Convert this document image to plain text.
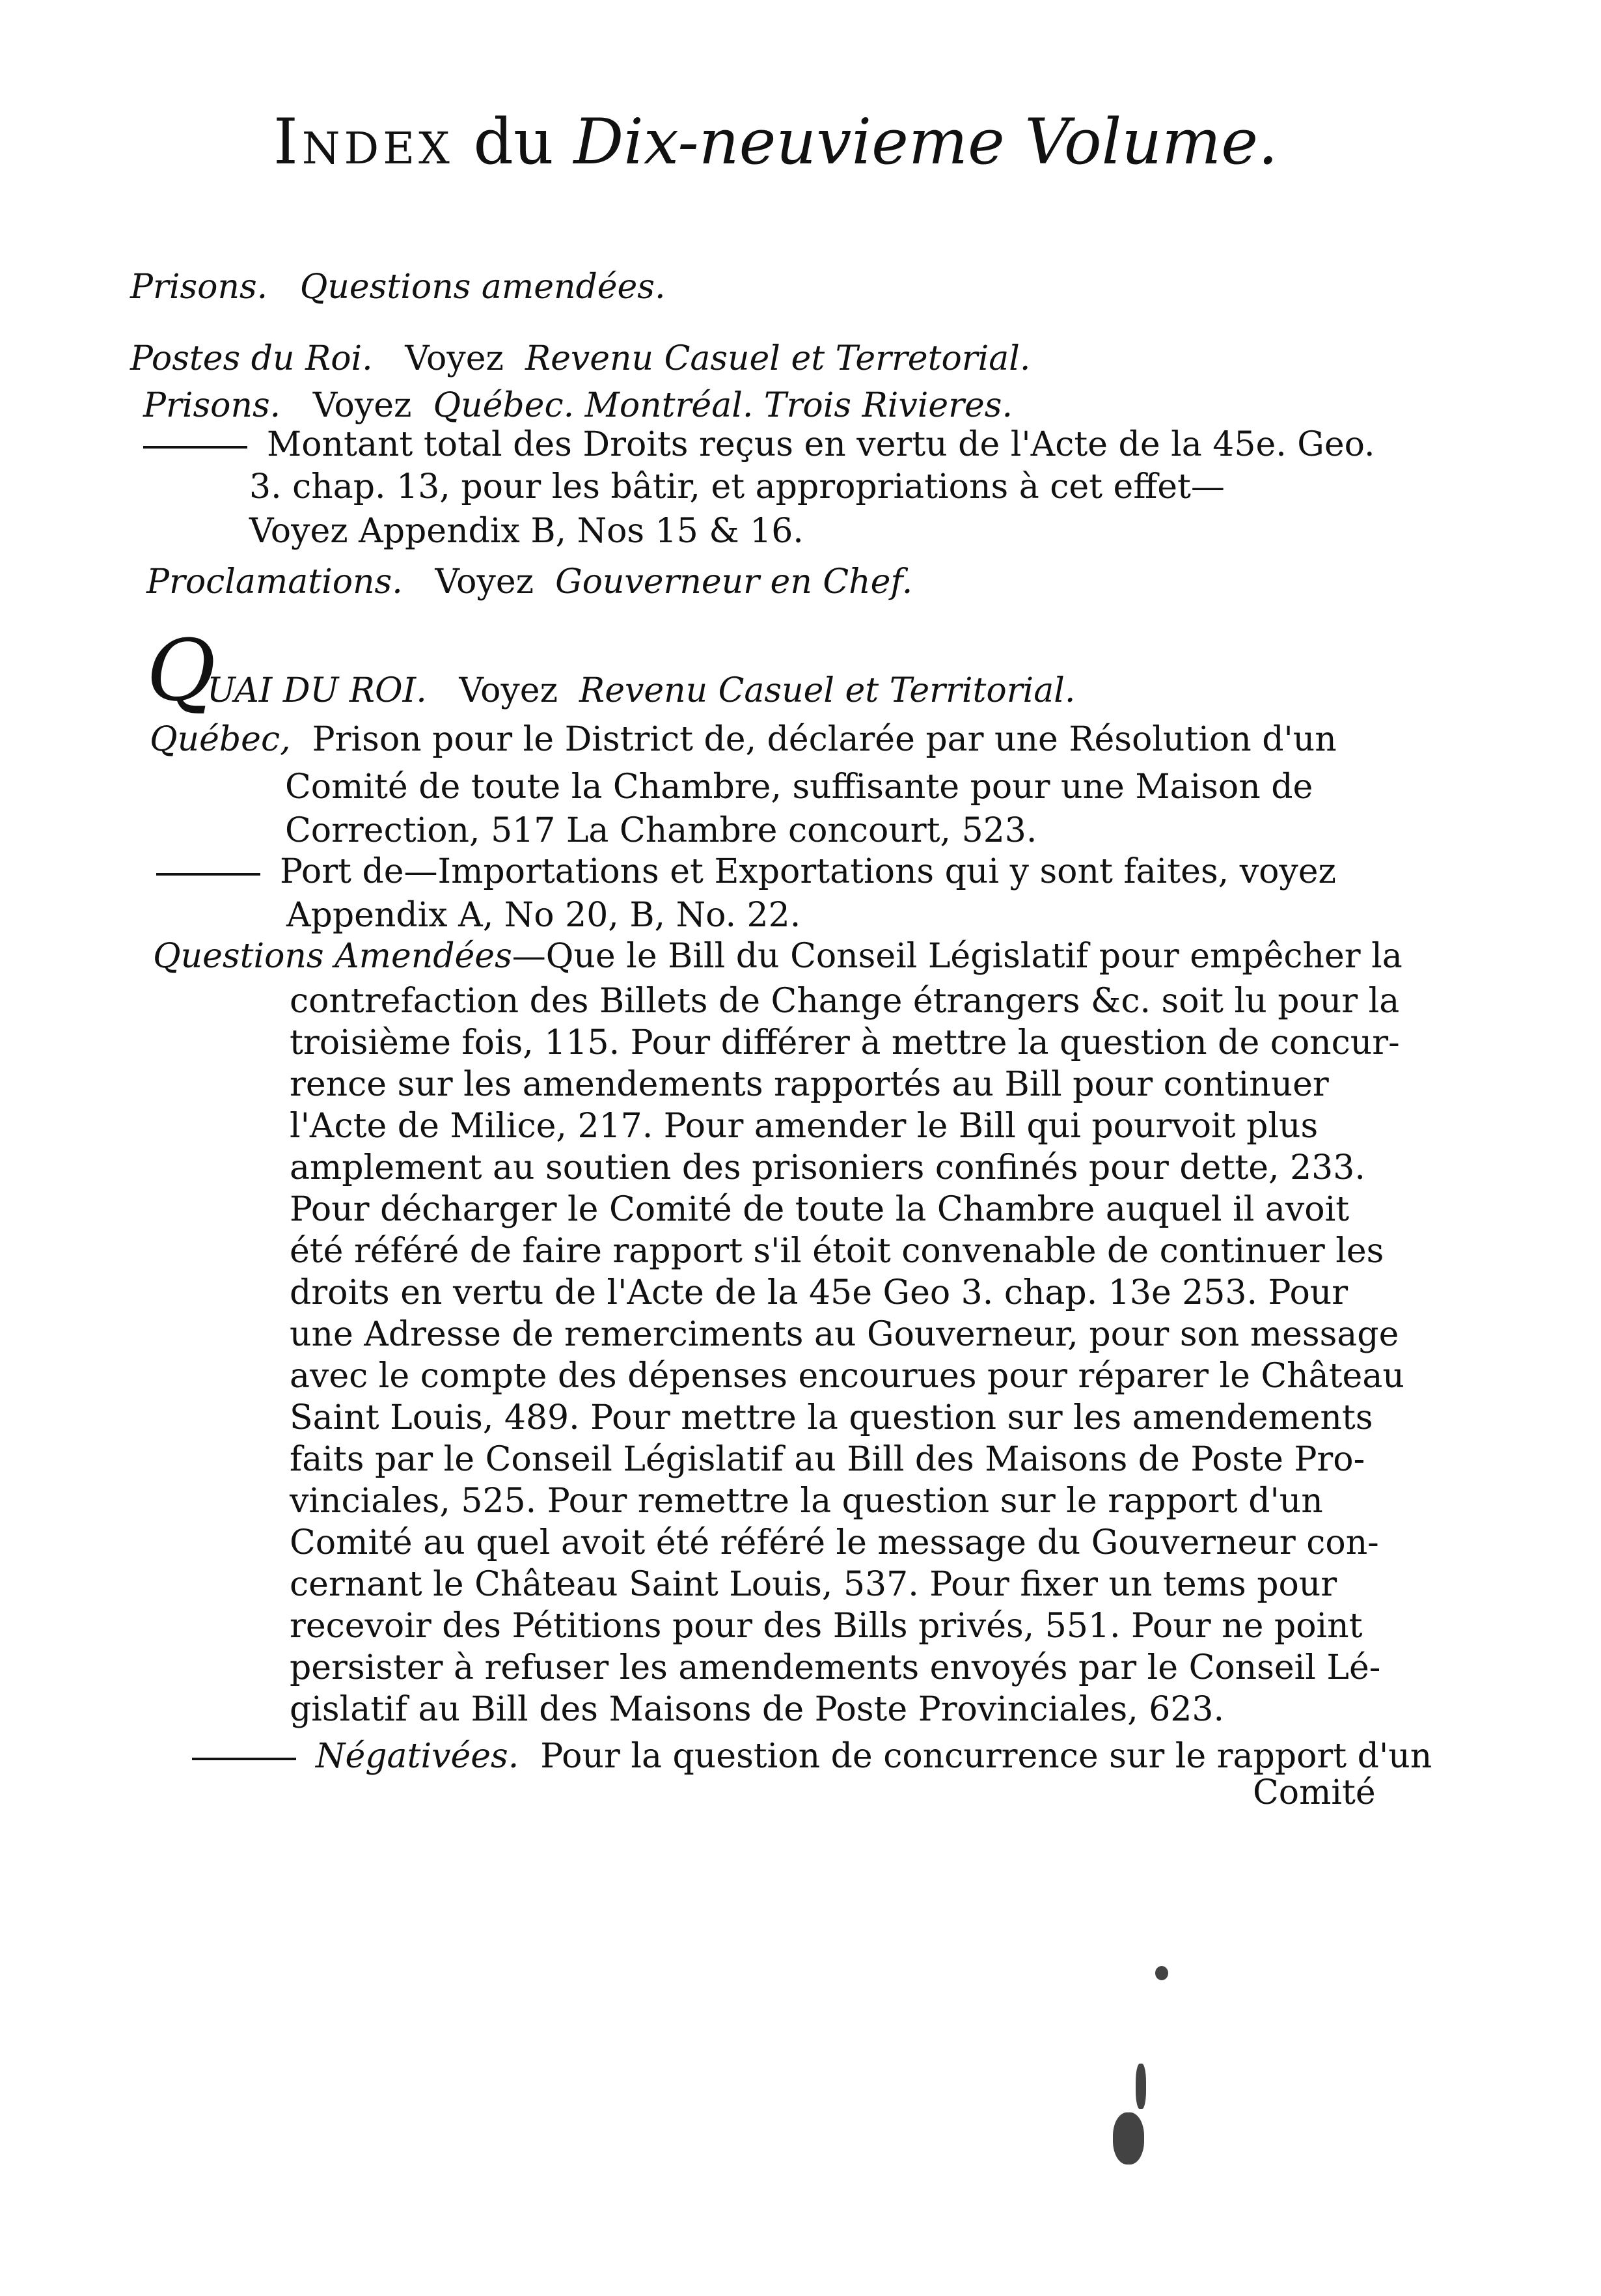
Index du Dix-neuvieme Volume.
Prisons. Questions amendées.
Postes du Roi. Voyez Revenu Casuel et Terretorial.
Prisons. Voyez Québec. Montréal. Trois Rivieres.
Montant total des Droits reçus en vertu de l'Acte de la 45e. Geo.
3. chap. 13, pour les bâtir, et appropriations à cet effet—
Voyez Appendix B, Nos 15 & 16.
Proclamations. Voyez Gouverneur en Chef.
Q
UAI DU ROI. Voyez Revenu Casuel et Territorial.
Québec, Prison pour le District de, déclarée par une Résolution d'un
Comité de toute la Chambre, suffisante pour une Maison de
Correction, 517 La Chambre concourt, 523.
Port de—Importations et Exportations qui y sont faites, voyez
Appendix A, No 20, B, No. 22.
Questions Amendées—Que le Bill du Conseil Législatif pour empêcher la
contrefaction des Billets de Change étrangers &c. soit lu pour la
troisième fois, 115. Pour différer à mettre la question de concur-
rence sur les amendements rapportés au Bill pour continuer
l'Acte de Milice, 217. Pour amender le Bill qui pourvoit plus
amplement au soutien des prisoniers confinés pour dette, 233.
Pour décharger le Comité de toute la Chambre auquel il avoit
été référé de faire rapport s'il étoit convenable de continuer les
droits en vertu de l'Acte de la 45e Geo 3. chap. 13e 253. Pour
une Adresse de remerciments au Gouverneur, pour son message
avec le compte des dépenses encourues pour réparer le Château
Saint Louis, 489. Pour mettre la question sur les amendements
faits par le Conseil Législatif au Bill des Maisons de Poste Pro-
vinciales, 525. Pour remettre la question sur le rapport d'un
Comité au quel avoit été référé le message du Gouverneur con-
cernant le Château Saint Louis, 537. Pour fixer un tems pour
recevoir des Pétitions pour des Bills privés, 551. Pour ne point
persister à refuser les amendements envoyés par le Conseil Lé-
gislatif au Bill des Maisons de Poste Provinciales, 623.
Négativées. Pour la question de concurrence sur le rapport d'un
Comité
